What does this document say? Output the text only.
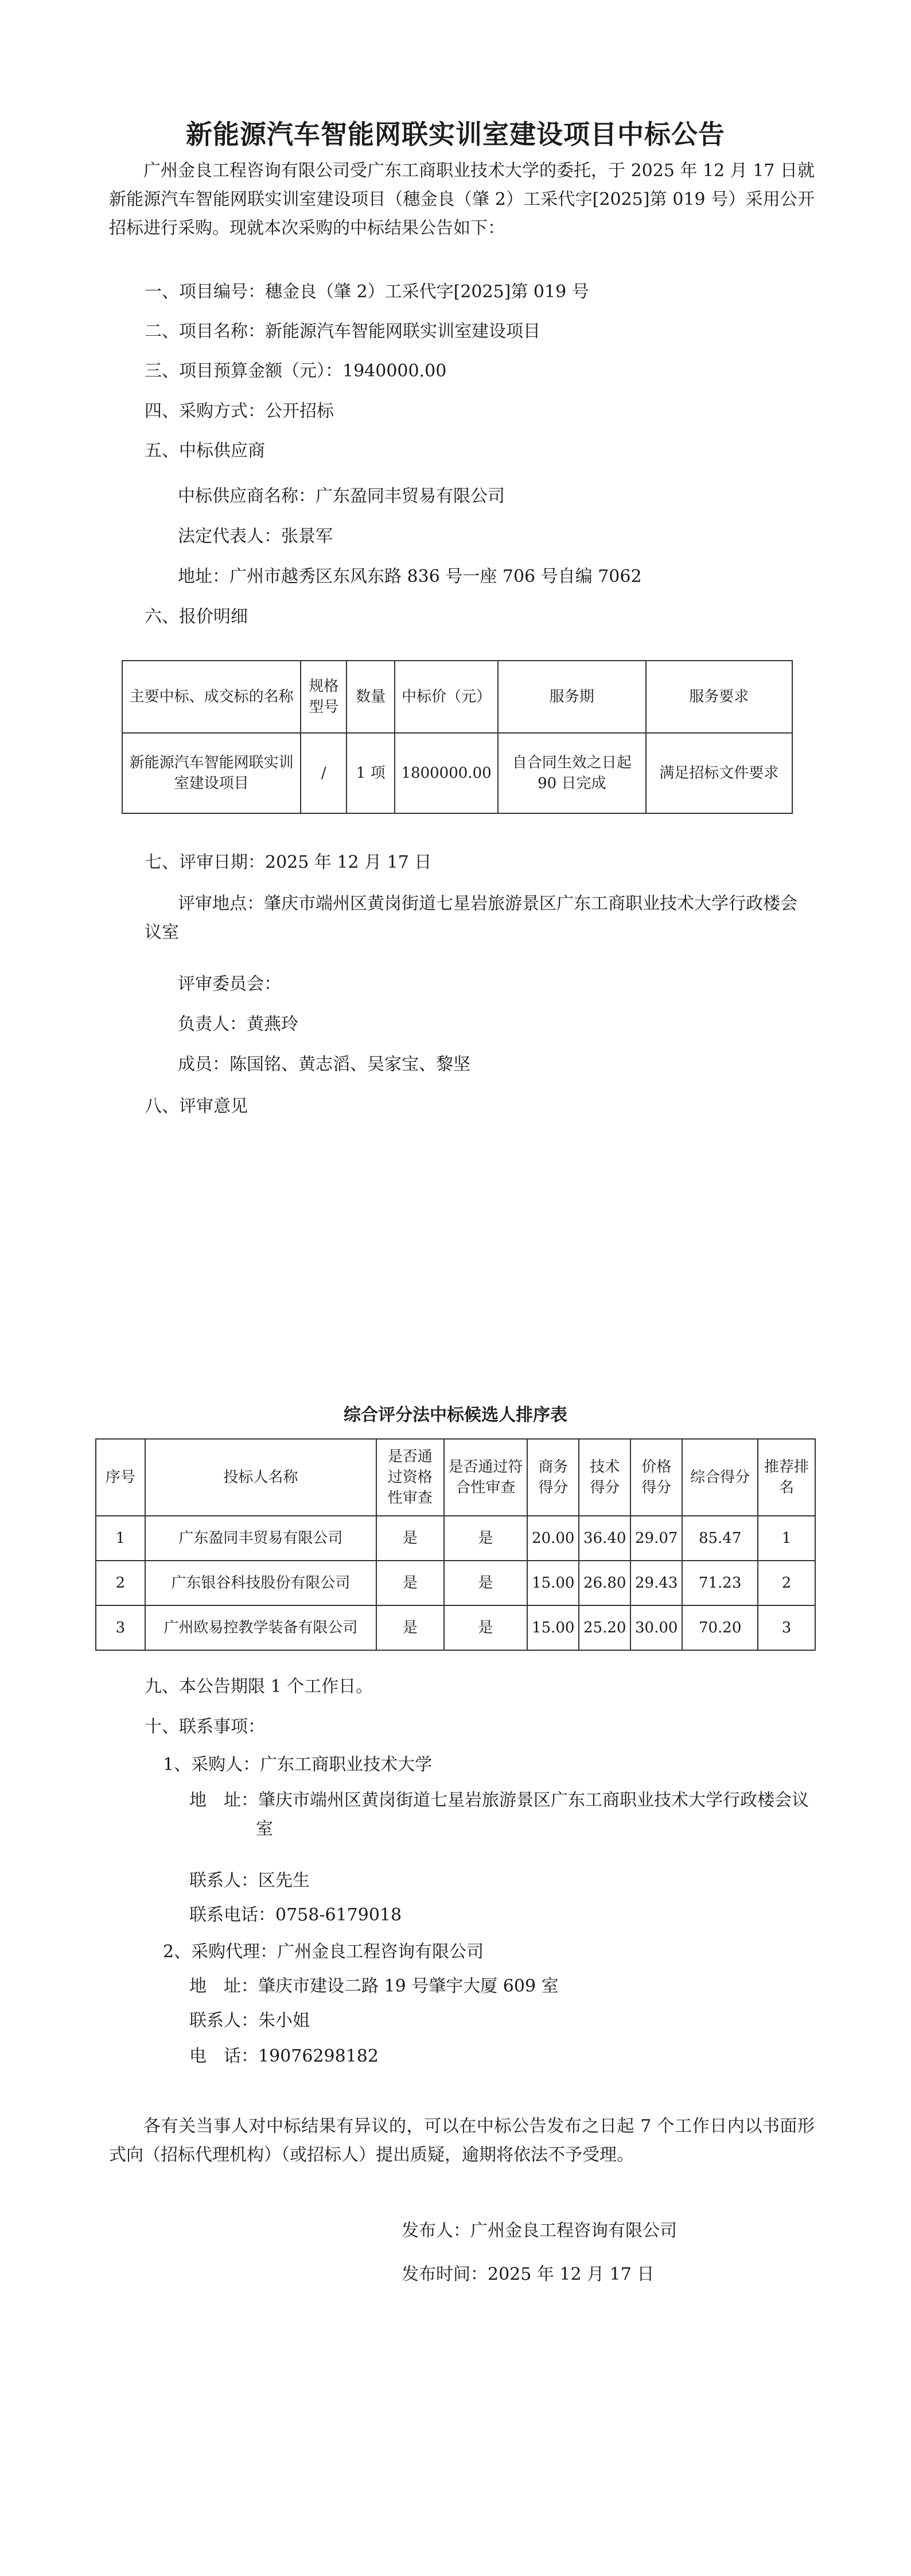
新能源汽车智能网联实训室建设项目中标公告
广州金良工程咨询有限公司受广东工商职业技术大学的委托，于 2025 年 12 月 17 日就新能源汽车智能网联实训室建设项目（穗金良（肇 2）工采代字[2025]第 019 号）采用公开招标进行采购。现就本次采购的中标结果公告如下：
一、项目编号：穗金良（肇 2）工采代字[2025]第 019 号
二、项目名称：新能源汽车智能网联实训室建设项目
三、项目预算金额（元）：1940000.00
四、采购方式：公开招标
五、中标供应商
中标供应商名称：广东盈同丰贸易有限公司
法定代表人：张景军
地址：广州市越秀区东风东路 836 号一座 706 号自编 7062
六、报价明细
主要中标、成交标的名称	规格型号	数量	中标价（元）	服务期	服务要求
新能源汽车智能网联实训室建设项目	/	1 项	1800000.00	自合同生效之日起 90 日完成	满足招标文件要求
七、评审日期：2025 年 12 月 17 日
评审地点：肇庆市端州区黄岗街道七星岩旅游景区广东工商职业技术大学行政楼会议室
评审委员会：
负责人：黄燕玲
成员：陈国铭、黄志滔、吴家宝、黎坚
八、评审意见
综合评分法中标候选人排序表
序号	投标人名称	是否通过资格性审查	是否通过符合性审查	商务得分	技术得分	价格得分	综合得分	推荐排名
1	广东盈同丰贸易有限公司	是	是	20.00	36.40	29.07	85.47	1
2	广东银谷科技股份有限公司	是	是	15.00	26.80	29.43	71.23	2
3	广州欧易控教学装备有限公司	是	是	15.00	25.20	30.00	70.20	3
九、本公告期限 1 个工作日。
十、联系事项：
1、采购人：广东工商职业技术大学
地　址：肇庆市端州区黄岗街道七星岩旅游景区广东工商职业技术大学行政楼会议室
联系人：区先生
联系电话：0758-6179018
2、采购代理：广州金良工程咨询有限公司
地　址：肇庆市建设二路 19 号肇宇大厦 609 室
联系人：朱小姐
电　话：19076298182
各有关当事人对中标结果有异议的，可以在中标公告发布之日起 7 个工作日内以书面形式向（招标代理机构）（或招标人）提出质疑，逾期将依法不予受理。
发布人：广州金良工程咨询有限公司
发布时间：2025 年 12 月 17 日
